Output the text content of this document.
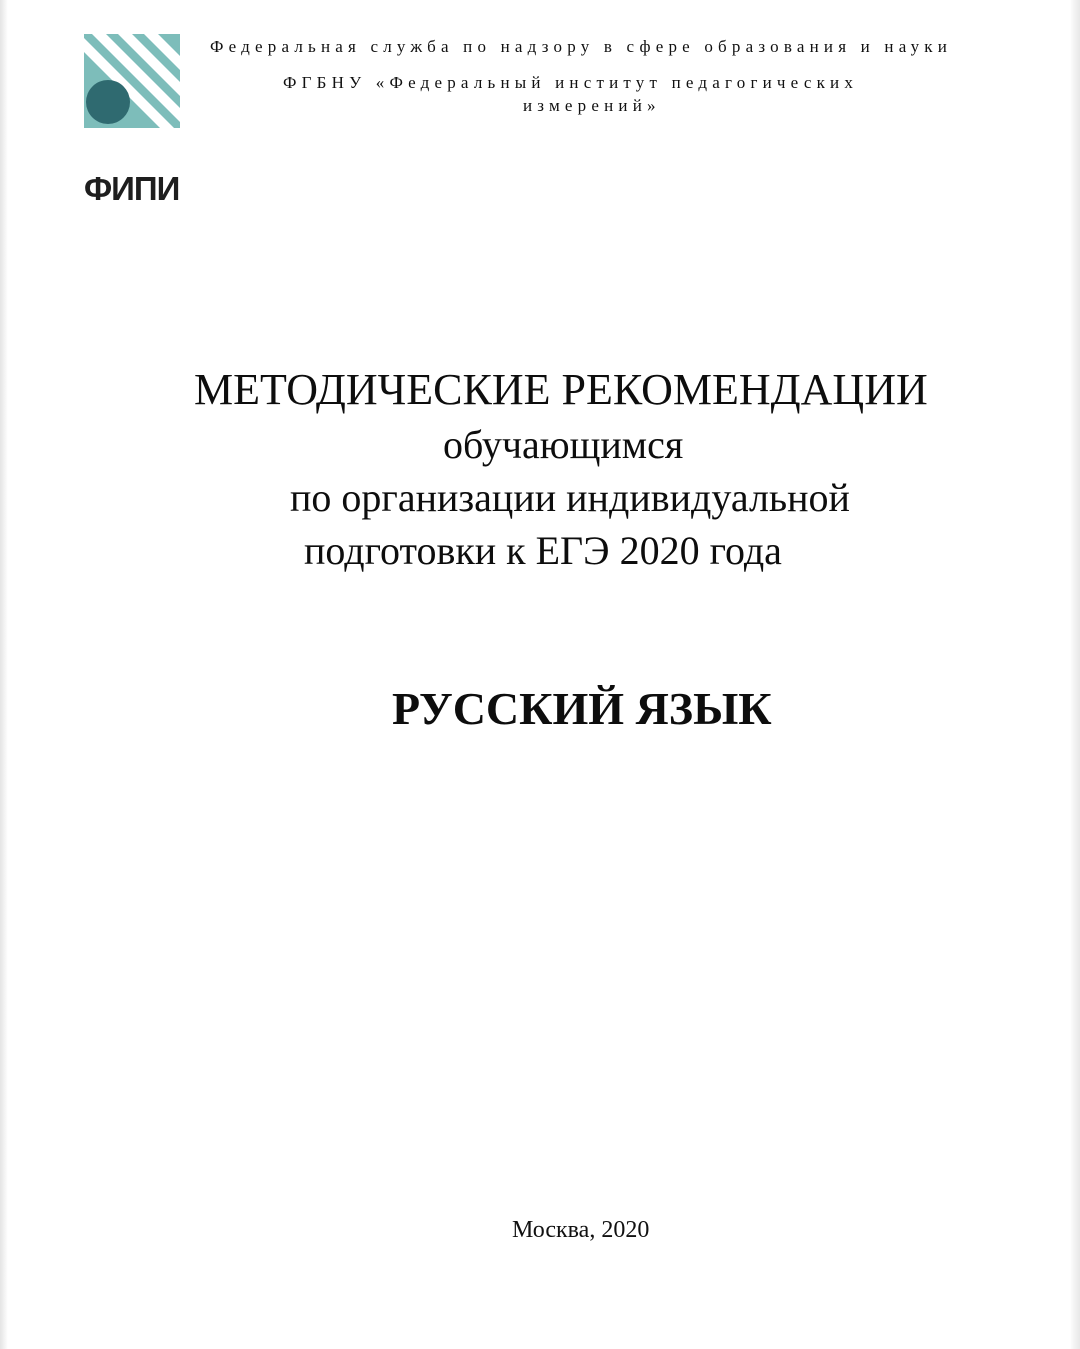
ФИПИ
Федеральная служба по надзору в сфере образования и науки
ФГБНУ «Федеральный институт педагогических
измерений»
МЕТОДИЧЕСКИЕ РЕКОМЕНДАЦИИ
обучающимся
по организации индивидуальной
подготовки к ЕГЭ 2020 года
РУССКИЙ ЯЗЫК
Москва, 2020
